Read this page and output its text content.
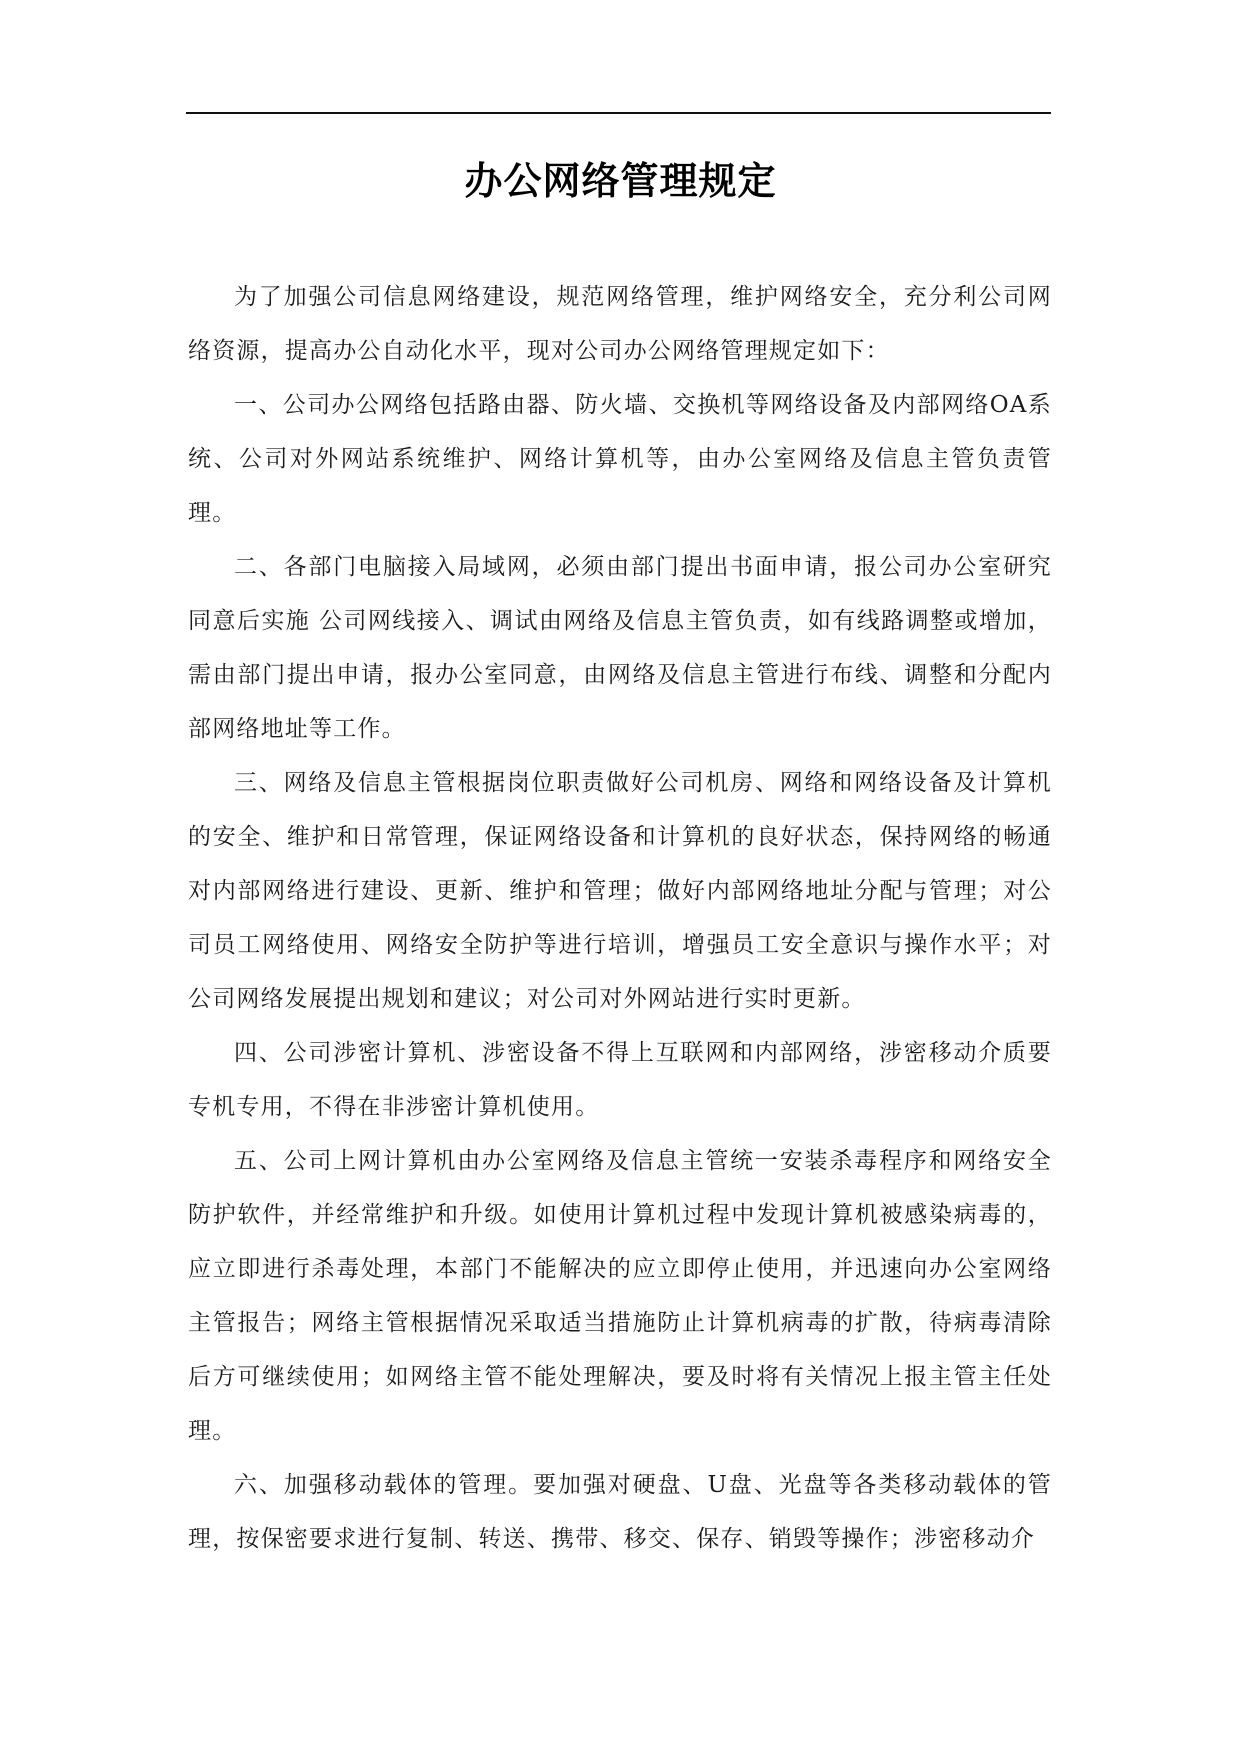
办公网络管理规定

为了加强公司信息网络建设，规范网络管理，维护网络安全，充分利公司网络资源，提高办公自动化水平，现对公司办公网络管理规定如下：

一、公司办公网络包括路由器、防火墙、交换机等网络设备及内部网络OA系统、公司对外网站系统维护、网络计算机等，由办公室网络及信息主管负责管理。

二、各部门电脑接入局域网，必须由部门提出书面申请，报公司办公室研究同意后实施 公司网线接入、调试由网络及信息主管负责，如有线路调整或增加，需由部门提出申请，报办公室同意，由网络及信息主管进行布线、调整和分配内部网络地址等工作。

三、网络及信息主管根据岗位职责做好公司机房、网络和网络设备及计算机的安全、维护和日常管理，保证网络设备和计算机的良好状态，保持网络的畅通对内部网络进行建设、更新、维护和管理；做好内部网络地址分配与管理；对公司员工网络使用、网络安全防护等进行培训，增强员工安全意识与操作水平；对公司网络发展提出规划和建议；对公司对外网站进行实时更新。

四、公司涉密计算机、涉密设备不得上互联网和内部网络，涉密移动介质要专机专用，不得在非涉密计算机使用。

五、公司上网计算机由办公室网络及信息主管统一安装杀毒程序和网络安全防护软件，并经常维护和升级。如使用计算机过程中发现计算机被感染病毒的，应立即进行杀毒处理，本部门不能解决的应立即停止使用，并迅速向办公室网络主管报告；网络主管根据情况采取适当措施防止计算机病毒的扩散，待病毒清除后方可继续使用；如网络主管不能处理解决，要及时将有关情况上报主管主任处理。

六、加强移动载体的管理。要加强对硬盘、U盘、光盘等各类移动载体的管理，按保密要求进行复制、转送、携带、移交、保存、销毁等操作；涉密移动介
